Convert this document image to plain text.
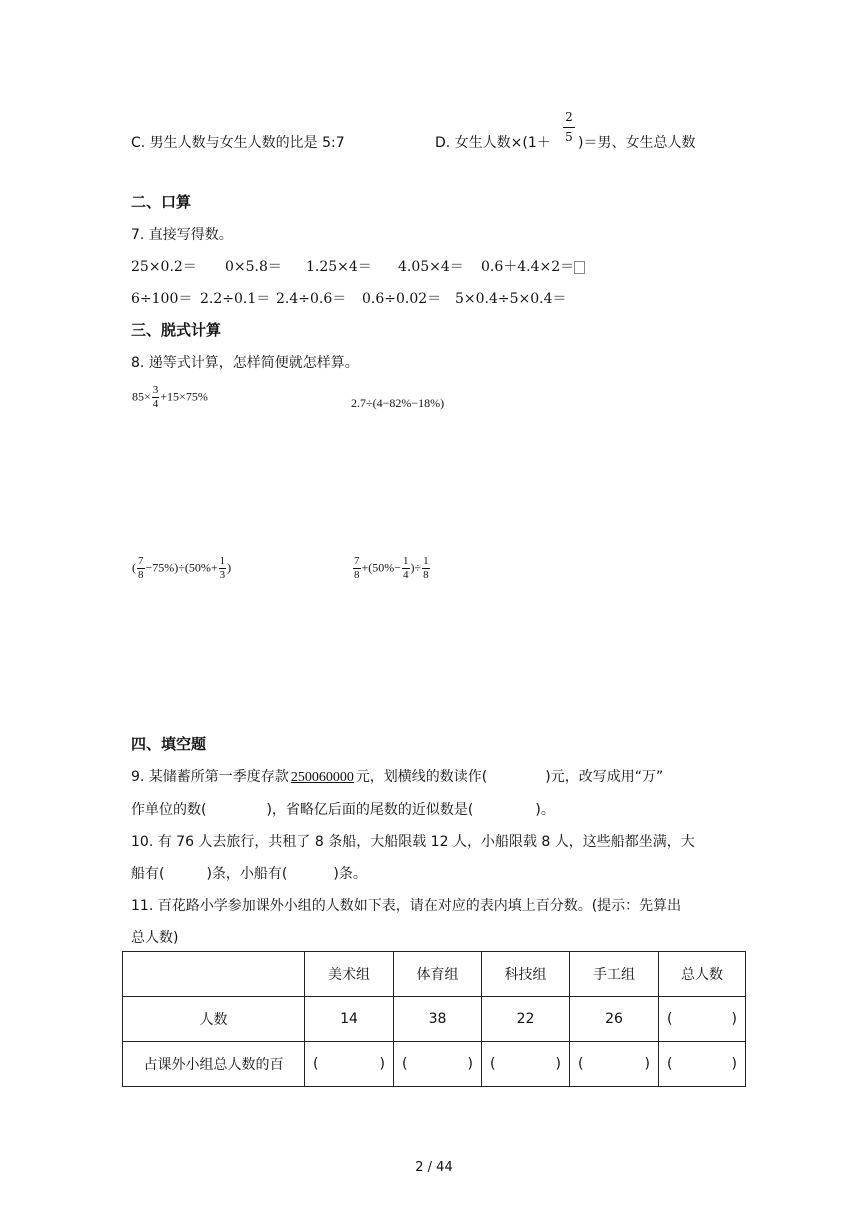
C. 男生人数与女生人数的比是 5:7	D. 女生人数×(1＋
2
5 )＝男、女生总人数
二、口算
7. 直接写得数。
25×0.2＝ 0×5.8＝ 1.25×4＝ 4.05×4＝ 0.6＋4.4×2＝
6÷100＝ 2.2÷0.1＝ 2.4÷0.6＝ 0.6÷0.02＝ 5×0.4÷5×0.4＝
三、脱式计算
8. 递等式计算，怎样简便就怎样算。
$85\times \frac{3}{4} +15\times 75\%$	2.7÷(4−82%−18%)
( $\frac{7}{8} -75\%)\div(50\%+ \frac{1}{3}$ )	$\frac{7}{8} +(50\%- \frac{1}{4}$ )÷ $\frac{1}{8}$
四、填空题
9. 某储蓄所第一季度存款 250060000 元，划横线的数读作(	)元，改写成用“万”
作单位的数(	)，省略亿后面的尾数的近似数是(	)。
10. 有 76 人去旅行，共租了 8 条船，大船限载 12 人，小船限载 8 人，这些船都坐满，大
船有(	)条，小船有(	)条。
11. 百花路小学参加课外小组的人数如下表，请在对应的表内填上百分数。(提示：先算出
总人数)
	美术组	体育组	科技组	手工组	总人数
人数	14	38	22	26	( )

占课外小组总人数的百	( )	( )	( )	( )	( )
2 / 44
